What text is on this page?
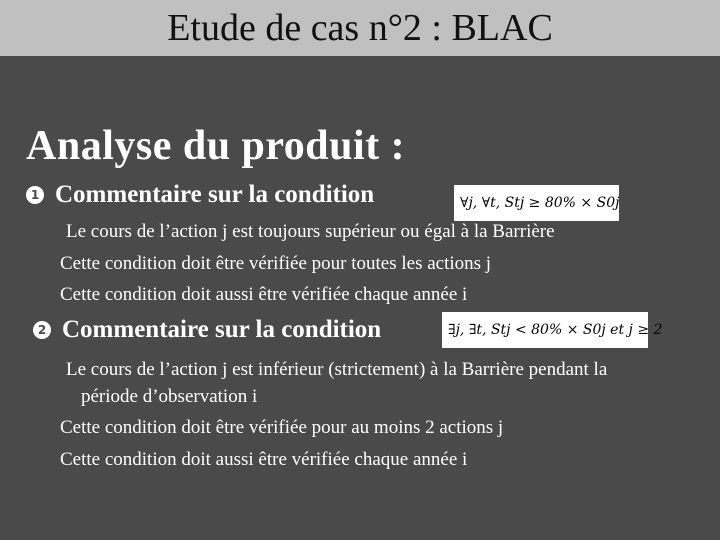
Etude de cas n°2 : BLAC
Analyse du produit :
1 Commentaire sur la condition	∀j, ∀t, Stj ≥ 80% × S0j
Le cours de l’action j est toujours supérieur ou égal à la Barrière
Cette condition doit être vérifiée pour toutes les actions j
Cette condition doit aussi être vérifiée chaque année i
2 Commentaire sur la condition	∃j, ∃t, Stj < 80% × S0j et j ≥ 2
Le cours de l’action j est inférieur (strictement) à la Barrière pendant la
période d’observation i
Cette condition doit être vérifiée pour au moins 2 actions j
Cette condition doit aussi être vérifiée chaque année i
